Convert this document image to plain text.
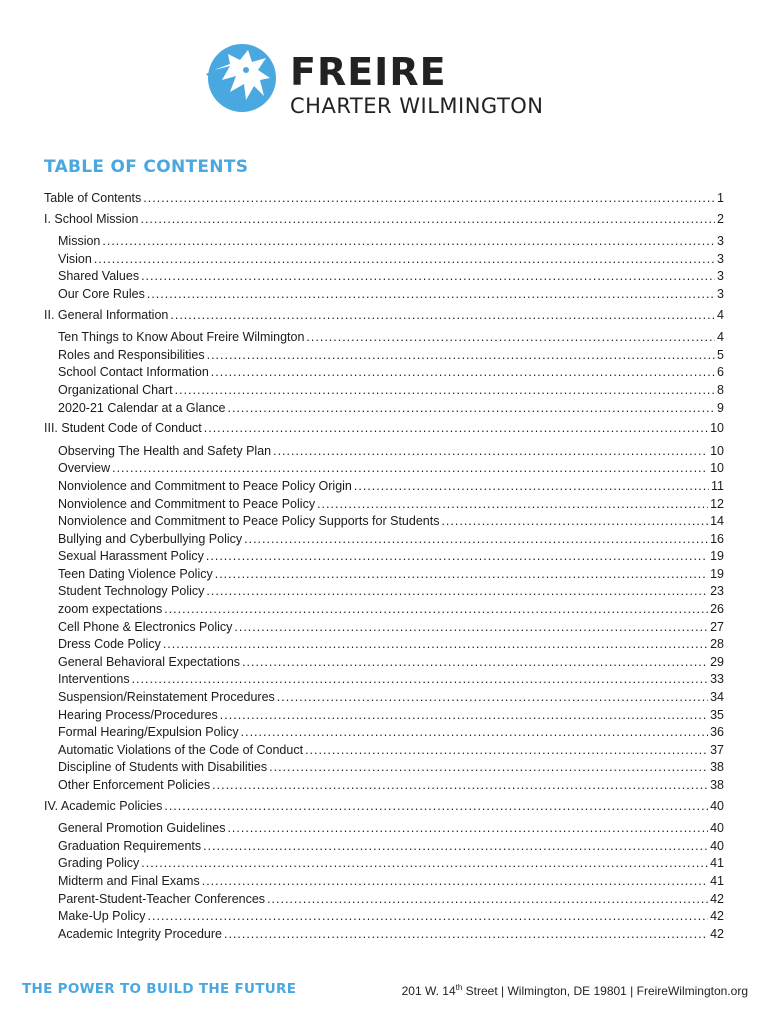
FREIRE
CHARTER WILMINGTON
TABLE OF CONTENTS
Table of Contents .....	1
I. School Mission .....	2
Mission .....	3
Vision .....	3
Shared Values .....	3
Our Core Rules .....	3
II. General Information .....	4
Ten Things to Know About Freire Wilmington .....	4
Roles and Responsibilities .....	5
School Contact Information .....	6
Organizational Chart .....	8
2020-21 Calendar at a Glance .....	9
III. Student Code of Conduct .....	10
Observing The Health and Safety Plan .....	10
Overview .....	10
Nonviolence and Commitment to Peace Policy Origin .....	11
Nonviolence and Commitment to Peace Policy .....	12
Nonviolence and Commitment to Peace Policy Supports for Students .....	14
Bullying and Cyberbullying Policy .....	16
Sexual Harassment Policy .....	19
Teen Dating Violence Policy .....	19
Student Technology Policy .....	23
zoom expectations .....	26
Cell Phone & Electronics Policy .....	27
Dress Code Policy .....	28
General Behavioral Expectations .....	29
Interventions .....	33
Suspension/Reinstatement Procedures .....	34
Hearing Process/Procedures .....	35
Formal Hearing/Expulsion Policy .....	36
Automatic Violations of the Code of Conduct .....	37
Discipline of Students with Disabilities .....	38
Other Enforcement Policies .....	38
IV. Academic Policies .....	40
General Promotion Guidelines .....	40
Graduation Requirements .....	40
Grading Policy .....	41
Midterm and Final Exams .....	41
Parent-Student-Teacher Conferences .....	42
Make-Up Policy .....	42
Academic Integrity Procedure .....	42
THE POWER TO BUILD THE FUTURE	201 W. 14th Street | Wilmington, DE 19801 | FreireWilmington.org
